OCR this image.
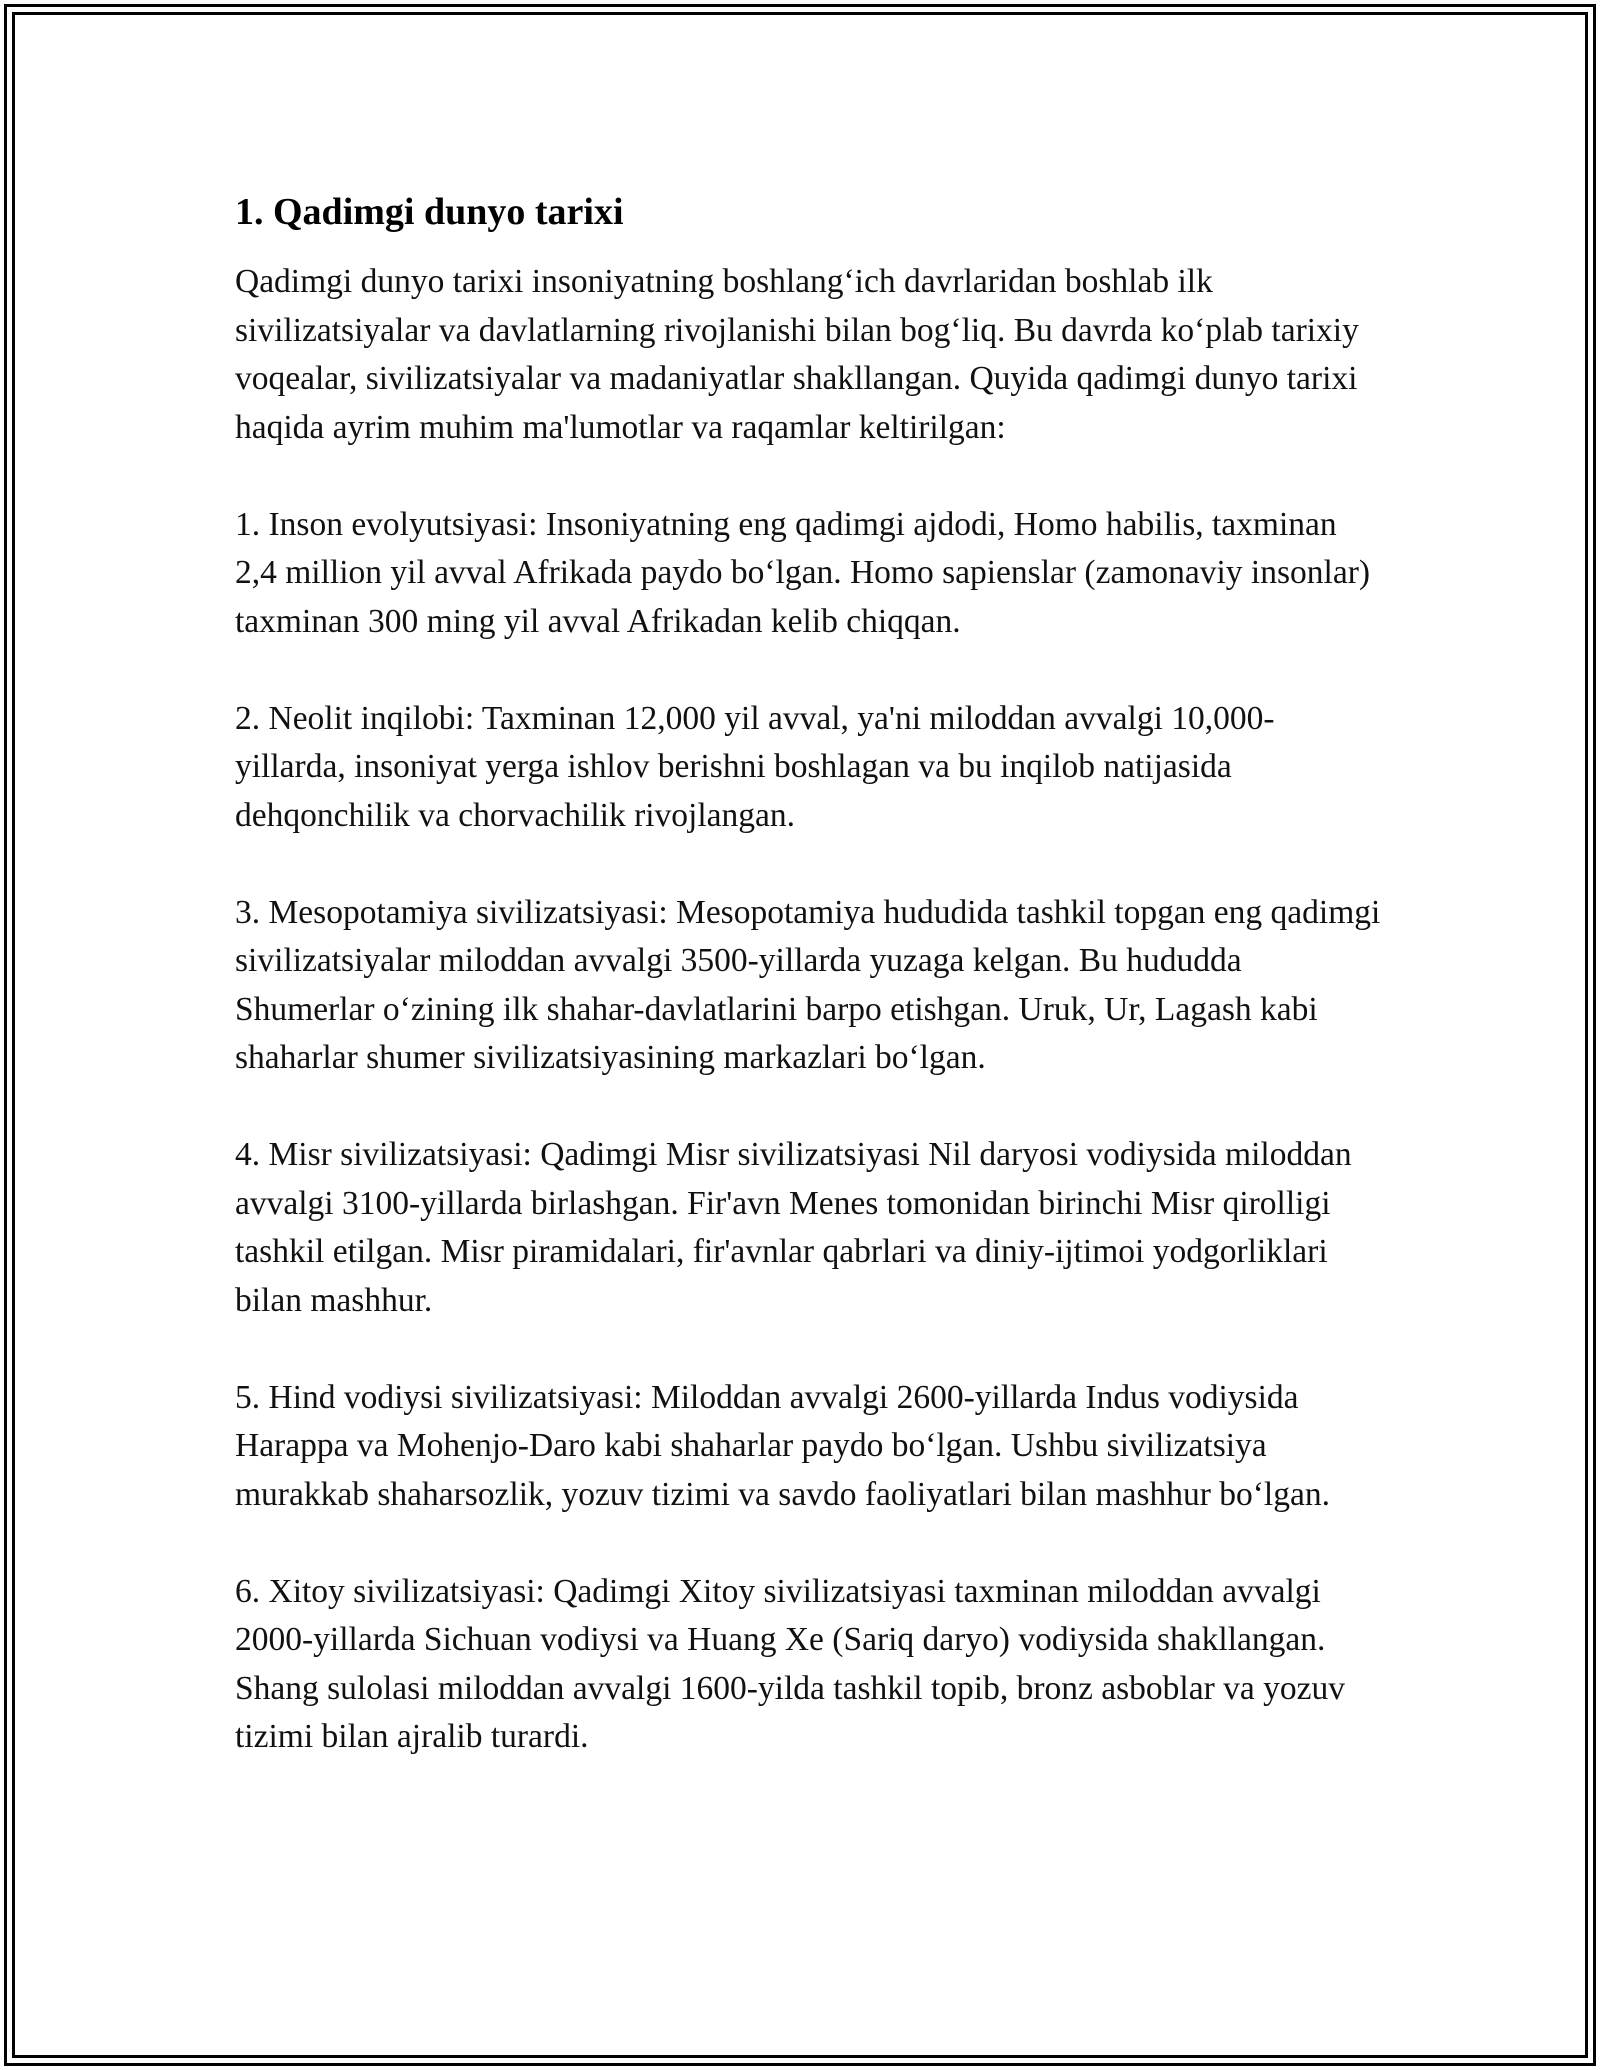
1. Qadimgi dunyo tarixi

Qadimgi dunyo tarixi insoniyatning boshlang‘ich davrlaridan boshlab ilk sivilizatsiyalar va davlatlarning rivojlanishi bilan bog‘liq. Bu davrda ko‘plab tarixiy voqealar, sivilizatsiyalar va madaniyatlar shakllangan. Quyida qadimgi dunyo tarixi haqida ayrim muhim ma'lumotlar va raqamlar keltirilgan:

1. Inson evolyutsiyasi: Insoniyatning eng qadimgi ajdodi, Homo habilis, taxminan 2,4 million yil avval Afrikada paydo bo‘lgan. Homo sapienslar (zamonaviy insonlar) taxminan 300 ming yil avval Afrikadan kelib chiqqan.

2. Neolit inqilobi: Taxminan 12,000 yil avval, ya'ni miloddan avvalgi 10,000-yillarda, insoniyat yerga ishlov berishni boshlagan va bu inqilob natijasida dehqonchilik va chorvachilik rivojlangan.

3. Mesopotamiya sivilizatsiyasi: Mesopotamiya hududida tashkil topgan eng qadimgi sivilizatsiyalar miloddan avvalgi 3500-yillarda yuzaga kelgan. Bu hududda Shumerlar o‘zining ilk shahar-davlatlarini barpo etishgan. Uruk, Ur, Lagash kabi shaharlar shumer sivilizatsiyasining markazlari bo‘lgan.

4. Misr sivilizatsiyasi: Qadimgi Misr sivilizatsiyasi Nil daryosi vodiysida miloddan avvalgi 3100-yillarda birlashgan. Fir'avn Menes tomonidan birinchi Misr qirolligi tashkil etilgan. Misr piramidalari, fir'avnlar qabrlari va diniy-ijtimoi yodgorliklari bilan mashhur.

5. Hind vodiysi sivilizatsiyasi: Miloddan avvalgi 2600-yillarda Indus vodiysida Harappa va Mohenjo-Daro kabi shaharlar paydo bo‘lgan. Ushbu sivilizatsiya murakkab shaharsozlik, yozuv tizimi va savdo faoliyatlari bilan mashhur bo‘lgan.

6. Xitoy sivilizatsiyasi: Qadimgi Xitoy sivilizatsiyasi taxminan miloddan avvalgi 2000-yillarda Sichuan vodiysi va Huang Xe (Sariq daryo) vodiysida shakllangan. Shang sulolasi miloddan avvalgi 1600-yilda tashkil topib, bronz asboblar va yozuv tizimi bilan ajralib turardi.
